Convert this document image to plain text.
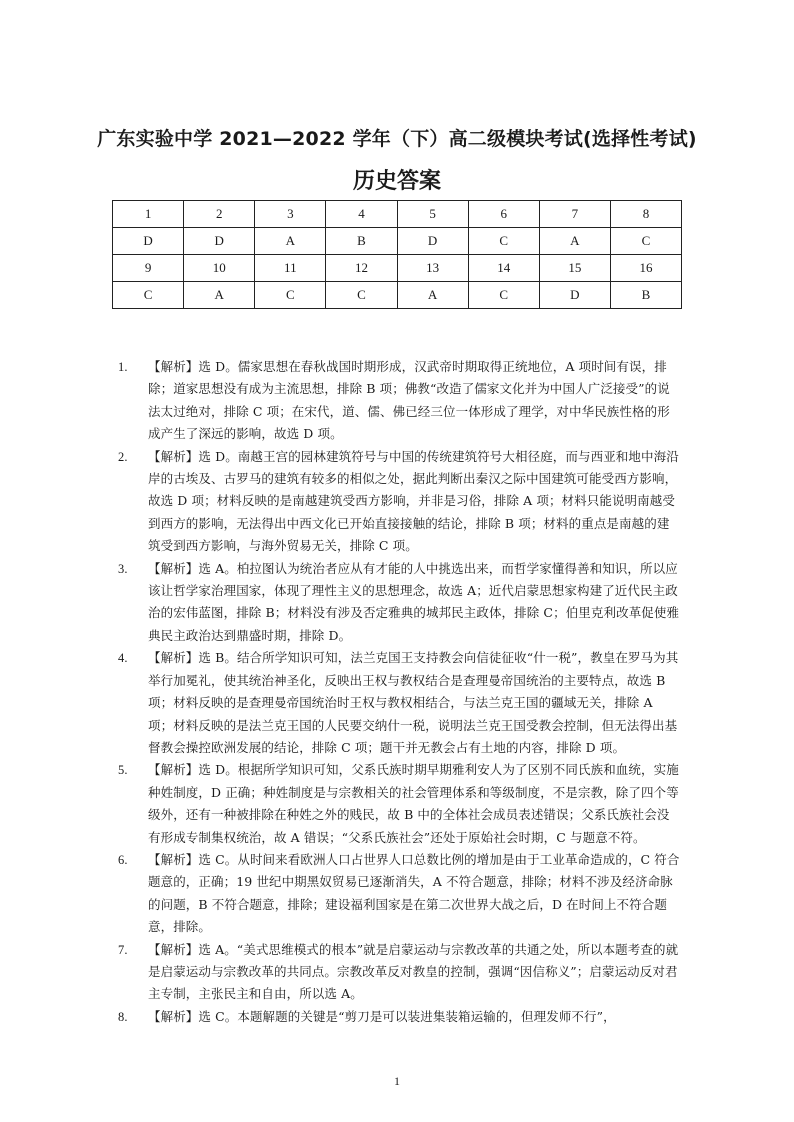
广东实验中学 2021—2022 学年（下）高二级模块考试(选择性考试)
历史答案
1	2	3	4	5	6	7	8
D	D	A	B	D	C	A	C
9	10	11	12	13	14	15	16
C	A	C	C	A	C	D	B
1. 【解析】选 D。儒家思想在春秋战国时期形成，汉武帝时期取得正统地位，A 项时间有误，排除；道家思想没有成为主流思想，排除 B 项；佛教“改造了儒家文化并为中国人广泛接受”的说法太过绝对，排除 C 项；在宋代，道、儒、佛已经三位一体形成了理学，对中华民族性格的形成产生了深远的影响，故选 D 项。
2. 【解析】选 D。南越王宫的园林建筑符号与中国的传统建筑符号大相径庭，而与西亚和地中海沿岸的古埃及、古罗马的建筑有较多的相似之处，据此判断出秦汉之际中国建筑可能受西方影响，故选 D 项；材料反映的是南越建筑受西方影响，并非是习俗，排除 A 项；材料只能说明南越受到西方的影响，无法得出中西文化已开始直接接触的结论，排除 B 项；材料的重点是南越的建筑受到西方影响，与海外贸易无关，排除 C 项。
3. 【解析】选 A。柏拉图认为统治者应从有才能的人中挑选出来，而哲学家懂得善和知识，所以应该让哲学家治理国家，体现了理性主义的思想理念，故选 A；近代启蒙思想家构建了近代民主政治的宏伟蓝图，排除 B；材料没有涉及否定雅典的城邦民主政体，排除 C；伯里克利改革促使雅典民主政治达到鼎盛时期，排除 D。
4. 【解析】选 B。结合所学知识可知，法兰克国王支持教会向信徒征收“什一税”，教皇在罗马为其举行加冕礼，使其统治神圣化，反映出王权与教权结合是查理曼帝国统治的主要特点，故选 B 项；材料反映的是查理曼帝国统治时王权与教权相结合，与法兰克王国的疆域无关，排除 A 项；材料反映的是法兰克王国的人民要交纳什一税，说明法兰克王国受教会控制，但无法得出基督教会操控欧洲发展的结论，排除 C 项；题干并无教会占有土地的内容，排除 D 项。
5. 【解析】选 D。根据所学知识可知，父系氏族时期早期雅利安人为了区别不同氏族和血统，实施种姓制度，D 正确；种姓制度是与宗教相关的社会管理体系和等级制度，不是宗教，除了四个等级外，还有一种被排除在种姓之外的贱民，故 B 中的全体社会成员表述错误；父系氏族社会没有形成专制集权统治，故 A 错误；“父系氏族社会”还处于原始社会时期，C 与题意不符。
6. 【解析】选 C。从时间来看欧洲人口占世界人口总数比例的增加是由于工业革命造成的，C 符合题意的，正确；19 世纪中期黑奴贸易已逐渐消失，A 不符合题意，排除；材料不涉及经济命脉的问题，B 不符合题意，排除；建设福利国家是在第二次世界大战之后，D 在时间上不符合题意，排除。
7. 【解析】选 A。“美式思维模式的根本”就是启蒙运动与宗教改革的共通之处，所以本题考查的就是启蒙运动与宗教改革的共同点。宗教改革反对教皇的控制，强调“因信称义”；启蒙运动反对君主专制，主张民主和自由，所以选 A。
8. 【解析】选 C。本题解题的关键是“剪刀是可以装进集装箱运输的，但理发师不行”，
1
